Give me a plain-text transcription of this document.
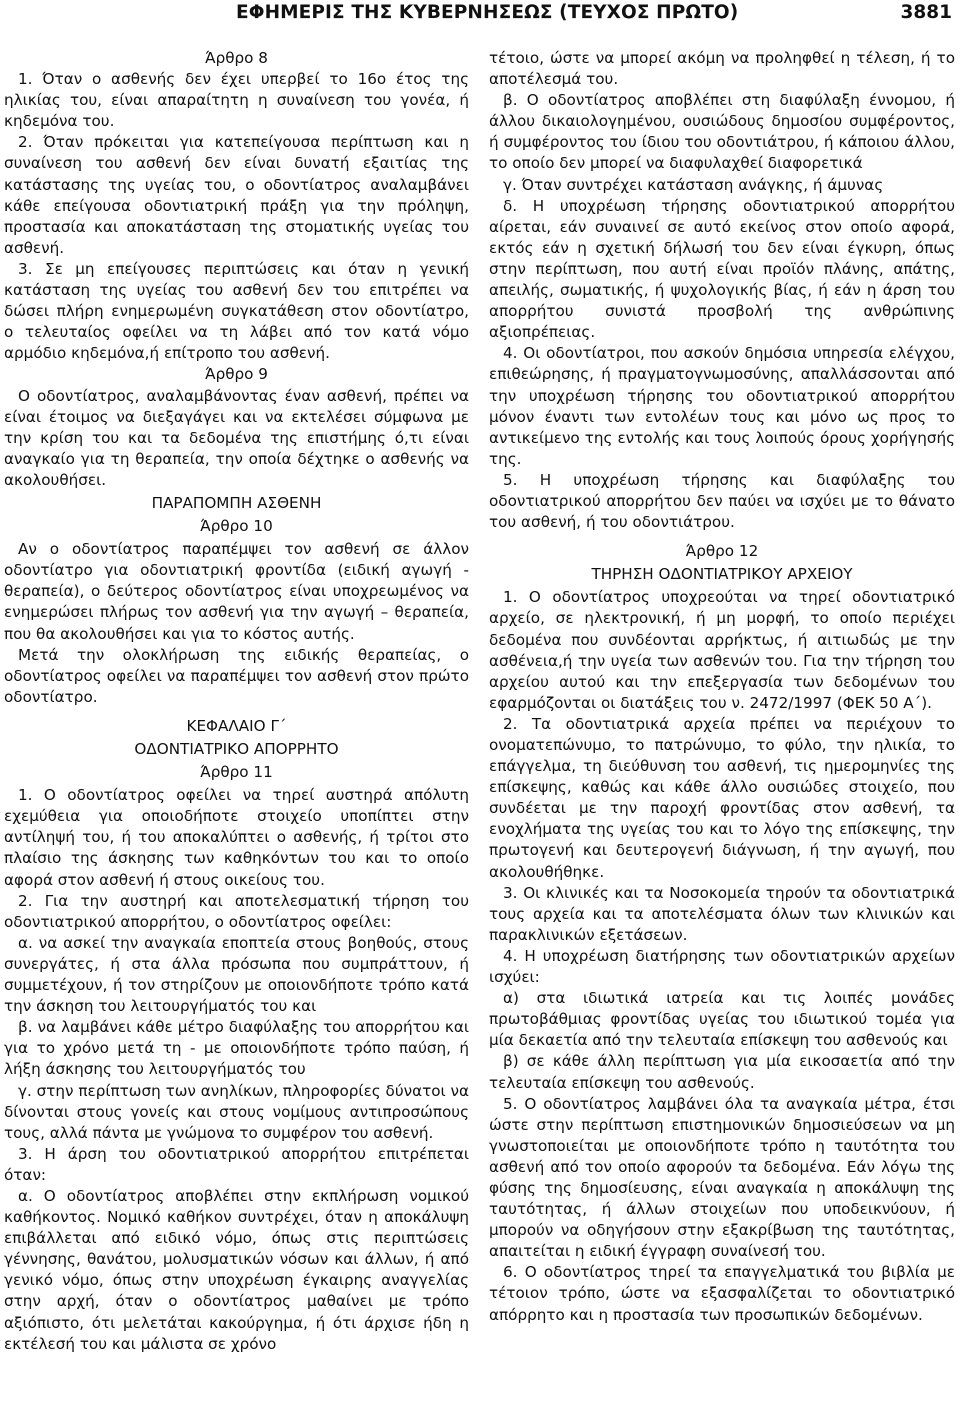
ΕΦΗΜΕΡΙΣ ΤΗΣ ΚΥΒΕΡΝΗΣΕΩΣ (ΤΕΥΧΟΣ ΠΡΩΤΟ)	3881
Άρθρο 8

1. Όταν ο ασθενής δεν έχει υπερβεί το 16ο έτος της ηλικίας του, είναι απαραίτητη η συναίνεση του γονέα, ή κηδεμόνα του.

2. Όταν πρόκειται για κατεπείγουσα περίπτωση και η συναίνεση του ασθενή δεν είναι δυνατή εξαιτίας της κατάστασης της υγείας του, ο οδοντίατρος αναλαμβάνει κάθε επείγουσα οδοντιατρική πράξη για την πρόληψη, προστασία και αποκατάσταση της στοματικής υγείας του ασθενή.

3. Σε μη επείγουσες περιπτώσεις και όταν η γενική κατάσταση της υγείας του ασθενή δεν του επιτρέπει να δώσει πλήρη ενημερωμένη συγκατάθεση στον οδοντίατρο, ο τελευταίος οφείλει να τη λάβει από τον κατά νόμο αρμόδιο κηδεμόνα,ή επίτροπο του ασθενή.

Άρθρο 9

Ο οδοντίατρος, αναλαμβάνοντας έναν ασθενή, πρέπει να είναι έτοιμος να διεξαγάγει και να εκτελέσει σύμφωνα με την κρίση του και τα δεδομένα της επιστήμης ό,τι είναι αναγκαίο για τη θεραπεία, την οποία δέχτηκε ο ασθενής να ακολουθήσει.

ΠΑΡΑΠΟΜΠΗ ΑΣΘΕΝΗ
Άρθρο 10

Αν ο οδοντίατρος παραπέμψει τον ασθενή σε άλλον οδοντίατρο για οδοντιατρική φροντίδα (ειδική αγωγή - θεραπεία), ο δεύτερος οδοντίατρος είναι υποχρεωμένος να ενημερώσει πλήρως τον ασθενή για την αγωγή – θεραπεία, που θα ακολουθήσει και για το κόστος αυτής.

Μετά την ολοκλήρωση της ειδικής θεραπείας, ο οδοντίατρος οφείλει να παραπέμψει τον ασθενή στον πρώτο οδοντίατρο.

ΚΕΦΑΛΑΙΟ Γ΄
ΟΔΟΝΤΙΑΤΡΙΚΟ ΑΠΟΡΡΗΤΟ
Άρθρο 11

1. Ο οδοντίατρος οφείλει να τηρεί αυστηρά απόλυτη εχεμύθεια για οποιοδήποτε στοιχείο υποπίπτει στην αντίληψή του, ή του αποκαλύπτει ο ασθενής, ή τρίτοι στο πλαίσιο της άσκησης των καθηκόντων του και το οποίο αφορά στον ασθενή ή στους οικείους του.

2. Για την αυστηρή και αποτελεσματική τήρηση του οδοντιατρικού απορρήτου, ο οδοντίατρος οφείλει:

α. να ασκεί την αναγκαία εποπτεία στους βοηθούς, στους συνεργάτες, ή στα άλλα πρόσωπα που συμπράττουν, ή συμμετέχουν, ή τον στηρίζουν με οποιονδήποτε τρόπο κατά την άσκηση του λειτουργήματός του και

β. να λαμβάνει κάθε μέτρο διαφύλαξης του απορρήτου και για το χρόνο μετά τη - με οποιονδήποτε τρόπο παύση, ή λήξη άσκησης του λειτουργήματός του

γ. στην περίπτωση των ανηλίκων, πληροφορίες δύνατοι να δίνονται στους γονείς και στους νομίμους αντιπροσώπους τους, αλλά πάντα με γνώμονα το συμφέρον του ασθενή.

3. Η άρση του οδοντιατρικού απορρήτου επιτρέπεται όταν:

α. Ο οδοντίατρος αποβλέπει στην εκπλήρωση νομικού καθήκοντος. Νομικό καθήκον συντρέχει, όταν η αποκάλυψη επιβάλλεται από ειδικό νόμο, όπως στις περιπτώσεις γέννησης, θανάτου, μολυσματικών νόσων και άλλων, ή από γενικό νόμο, όπως στην υποχρέωση έγκαιρης αναγγελίας στην αρχή, όταν ο οδοντίατρος μαθαίνει με τρόπο αξιόπιστο, ότι μελετάται κακούργημα, ή ότι άρχισε ήδη η εκτέλεσή του και μάλιστα σε χρόνο

τέτοιο, ώστε να μπορεί ακόμη να προληφθεί η τέλεση, ή το αποτέλεσμά του.

β. Ο οδοντίατρος αποβλέπει στη διαφύλαξη έννομου, ή άλλου δικαιολογημένου, ουσιώδους δημοσίου συμφέροντος, ή συμφέροντος του ίδιου του οδοντιάτρου, ή κάποιου άλλου, το οποίο δεν μπορεί να διαφυλαχθεί διαφορετικά

γ. Όταν συντρέχει κατάσταση ανάγκης, ή άμυνας

δ. Η υποχρέωση τήρησης οδοντιατρικού απορρήτου αίρεται, εάν συναινεί σε αυτό εκείνος στον οποίο αφορά, εκτός εάν η σχετική δήλωσή του δεν είναι έγκυρη, όπως στην περίπτωση, που αυτή είναι προϊόν πλάνης, απάτης, απειλής, σωματικής, ή ψυχολογικής βίας, ή εάν η άρση του απορρήτου συνιστά προσβολή της ανθρώπινης αξιοπρέπειας.

4. Οι οδοντίατροι, που ασκούν δημόσια υπηρεσία ελέγχου, επιθεώρησης, ή πραγματογνωμοσύνης, απαλλάσσονται από την υποχρέωση τήρησης του οδοντιατρικού απορρήτου μόνον έναντι των εντολέων τους και μόνο ως προς το αντικείμενο της εντολής και τους λοιπούς όρους χορήγησής της.

5. Η υποχρέωση τήρησης και διαφύλαξης του οδοντιατρικού απορρήτου δεν παύει να ισχύει με το θάνατο του ασθενή, ή του οδοντιάτρου.

Άρθρο 12
ΤΗΡΗΣΗ ΟΔΟΝΤΙΑΤΡΙΚΟΥ ΑΡΧΕΙΟΥ

1. Ο οδοντίατρος υποχρεούται να τηρεί οδοντιατρικό αρχείο, σε ηλεκτρονική, ή μη μορφή, το οποίο περιέχει δεδομένα που συνδέονται αρρήκτως, ή αιτιωδώς με την ασθένεια,ή την υγεία των ασθενών του. Για την τήρηση του αρχείου αυτού και την επεξεργασία των δεδομένων του εφαρμόζονται οι διατάξεις του ν. 2472/1997 (ΦΕΚ 50 Α΄).

2. Τα οδοντιατρικά αρχεία πρέπει να περιέχουν το ονοματεπώνυμο, το πατρώνυμο, το φύλο, την ηλικία, το επάγγελμα, τη διεύθυνση του ασθενή, τις ημερομηνίες της επίσκεψης, καθώς και κάθε άλλο ουσιώδες στοιχείο, που συνδέεται με την παροχή φροντίδας στον ασθενή, τα ενοχλήματα της υγείας του και το λόγο της επίσκεψης, την πρωτογενή και δευτερογενή διάγνωση, ή την αγωγή, που ακολουθήθηκε.

3. Οι κλινικές και τα Νοσοκομεία τηρούν τα οδοντιατρικά τους αρχεία και τα αποτελέσματα όλων των κλινικών και παρακλινικών εξετάσεων.

4. Η υποχρέωση διατήρησης των οδοντιατρικών αρχείων ισχύει:

α) στα ιδιωτικά ιατρεία και τις λοιπές μονάδες πρωτοβάθμιας φροντίδας υγείας του ιδιωτικού τομέα για μία δεκαετία από την τελευταία επίσκεψη του ασθενούς και

β) σε κάθε άλλη περίπτωση για μία εικοσαετία από την τελευταία επίσκεψη του ασθενούς.

5. Ο οδοντίατρος λαμβάνει όλα τα αναγκαία μέτρα, έτσι ώστε στην περίπτωση επιστημονικών δημοσιεύσεων να μη γνωστοποιείται με οποιονδήποτε τρόπο η ταυτότητα του ασθενή από τον οποίο αφορούν τα δεδομένα. Εάν λόγω της φύσης της δημοσίευσης, είναι αναγκαία η αποκάλυψη της ταυτότητας, ή άλλων στοιχείων που υποδεικνύουν, ή μπορούν να οδηγήσουν στην εξακρίβωση της ταυτότητας, απαιτείται η ειδική έγγραφη συναίνεσή του.

6. Ο οδοντίατρος τηρεί τα επαγγελματικά του βιβλία με τέτοιον τρόπο, ώστε να εξασφαλίζεται το οδοντιατρικό απόρρητο και η προστασία των προσωπικών δεδομένων.
